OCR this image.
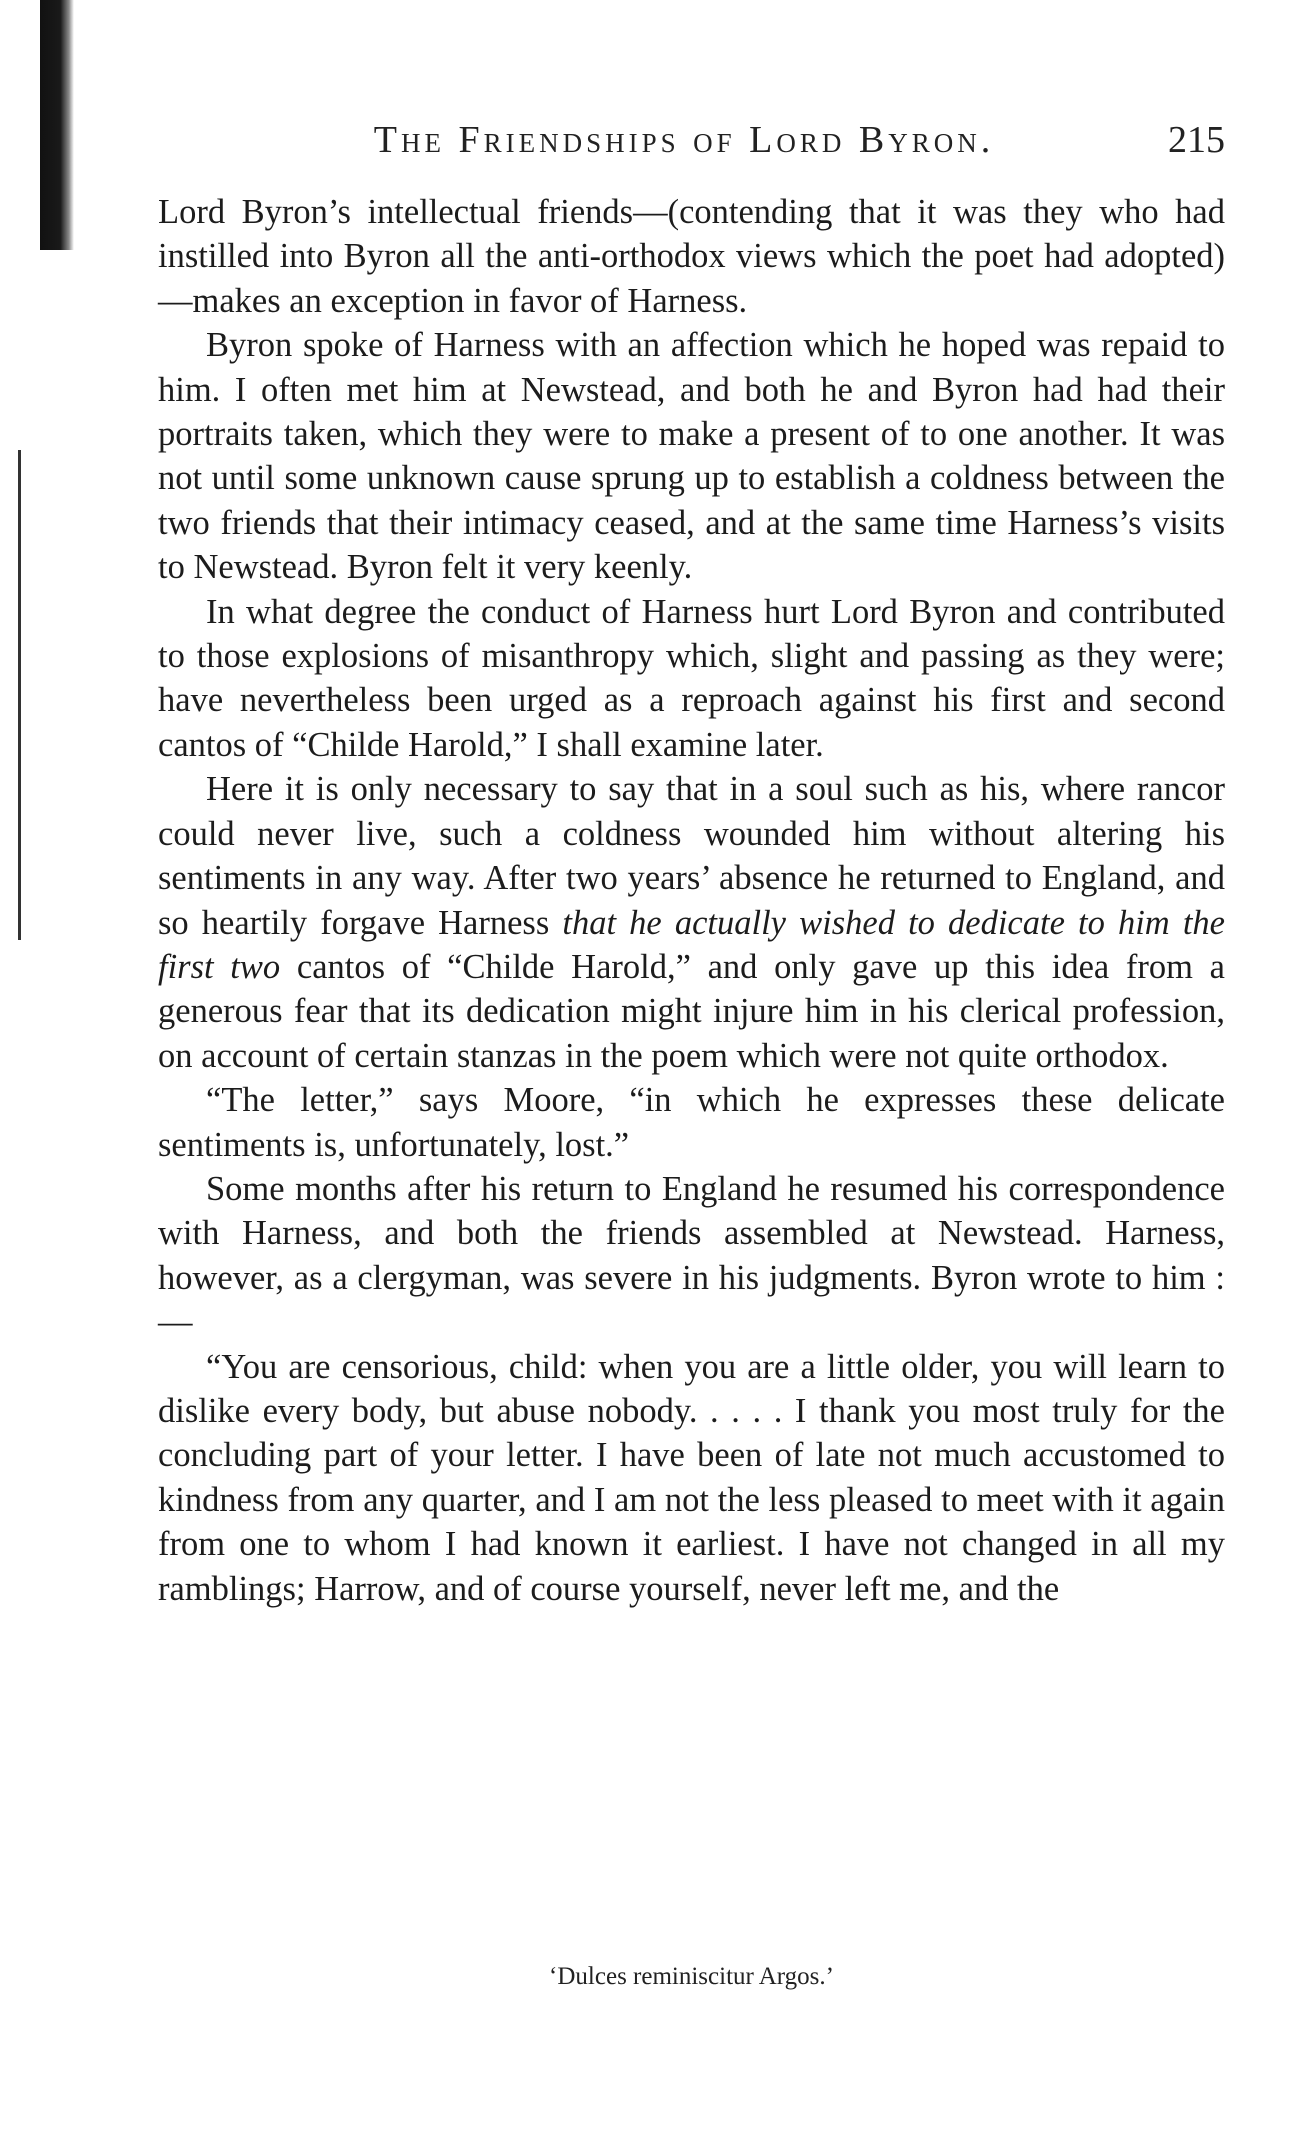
The Friendships of Lord Byron.	215

Lord Byron’s intellectual friends—(contending that it was they who had instilled into Byron all the anti-orthodox views which the poet had adopted)—makes an exception in favor of Harness.

Byron spoke of Harness with an affection which he hoped was repaid to him. I often met him at Newstead, and both he and Byron had had their portraits taken, which they were to make a present of to one another. It was not until some unknown cause sprung up to establish a coldness between the two friends that their intimacy ceased, and at the same time Harness’s visits to Newstead. Byron felt it very keenly.

In what degree the conduct of Harness hurt Lord Byron and contributed to those explosions of misanthropy which, slight and passing as they were; have nevertheless been urged as a reproach against his first and second cantos of “Childe Harold,” I shall examine later.

Here it is only necessary to say that in a soul such as his, where rancor could never live, such a coldness wounded him without altering his sentiments in any way. After two years’ absence he returned to England, and so heartily forgave Harness that he actually wished to dedicate to him the first two cantos of “Childe Harold,” and only gave up this idea from a generous fear that its dedication might injure him in his clerical profession, on account of certain stanzas in the poem which were not quite orthodox.

“The letter,” says Moore, “in which he expresses these delicate sentiments is, unfortunately, lost.”

Some months after his return to England he resumed his correspondence with Harness, and both the friends assembled at Newstead. Harness, however, as a clergyman, was severe in his judgments. Byron wrote to him :—

“You are censorious, child: when you are a little older, you will learn to dislike every body, but abuse nobody. . . . . I thank you most truly for the concluding part of your letter. I have been of late not much accustomed to kindness from any quarter, and I am not the less pleased to meet with it again from one to whom I had known it earliest. I have not changed in all my ramblings; Harrow, and of course yourself, never left me, and the

‘Dulces reminiscitur Argos.’
